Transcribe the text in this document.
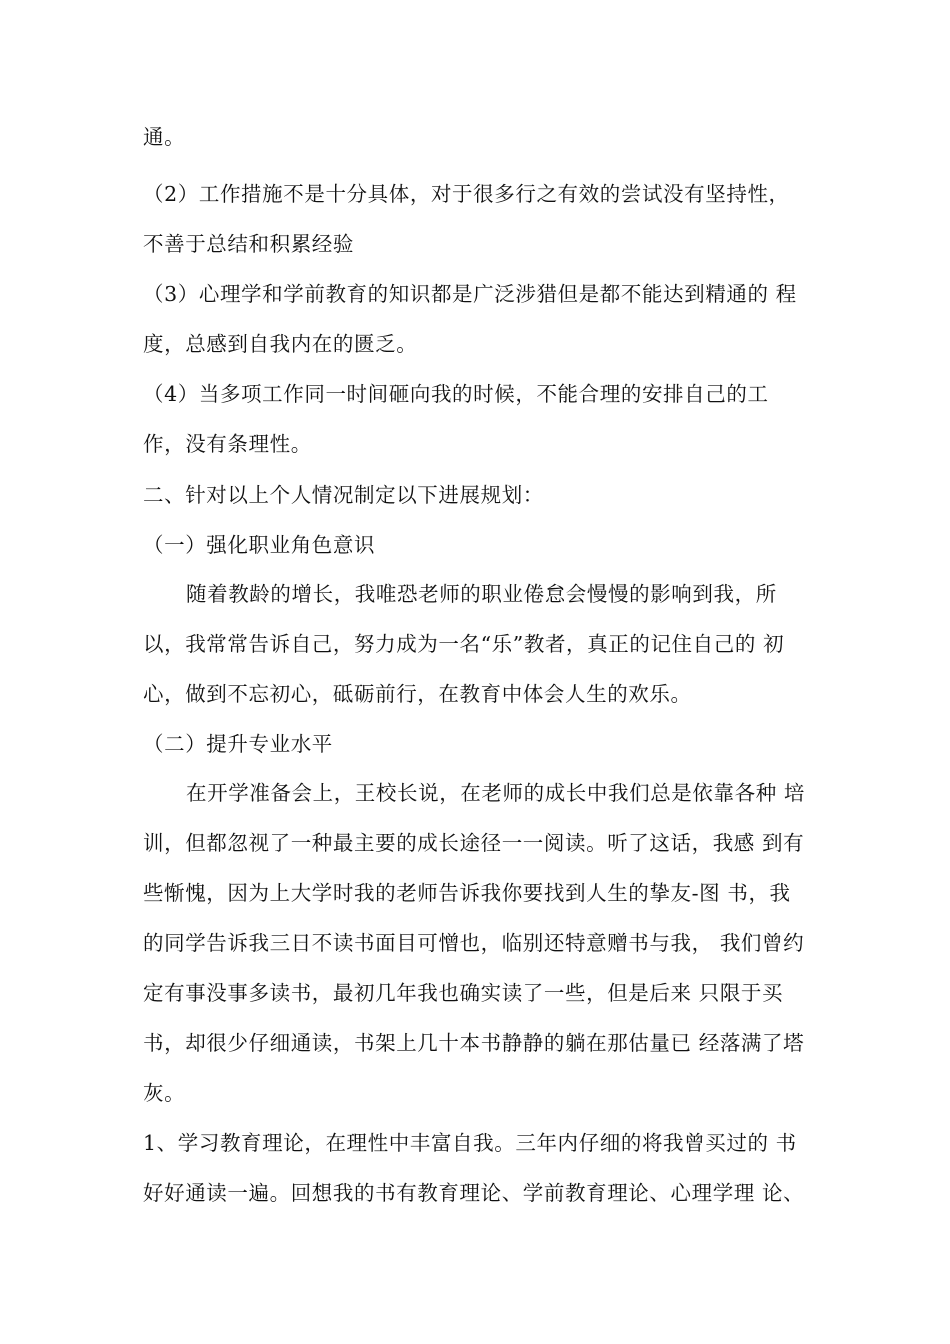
通。
（2）工作措施不是十分具体，对于很多行之有效的尝试没有坚持性，
不善于总结和积累经验
（3）心理学和学前教育的知识都是广泛涉猎但是都不能达到精通的 程
度，总感到自我内在的匮乏。
（4）当多项工作同一时间砸向我的时候，不能合理的安排自己的工
作，没有条理性。
二、针对以上个人情况制定以下进展规划：
（一）强化职业角色意识
随着教龄的增长，我唯恐老师的职业倦怠会慢慢的影响到我，所
以，我常常告诉自己，努力成为一名“乐”教者，真正的记住自己的 初
心，做到不忘初心，砥砺前行，在教育中体会人生的欢乐。
（二）提升专业水平
在开学准备会上，王校长说，在老师的成长中我们总是依靠各种 培
训，但都忽视了一种最主要的成长途径一一阅读。听了这话，我感 到有
些惭愧，因为上大学时我的老师告诉我你要找到人生的挚友-图 书，我
的同学告诉我三日不读书面目可憎也，临别还特意赠书与我， 我们曾约
定有事没事多读书，最初几年我也确实读了一些，但是后来 只限于买
书，却很少仔细通读，书架上几十本书静静的躺在那估量已 经落满了塔
灰。
1、学习教育理论，在理性中丰富自我。三年内仔细的将我曾买过的 书
好好通读一遍。回想我的书有教育理论、学前教育理论、心理学理 论、
